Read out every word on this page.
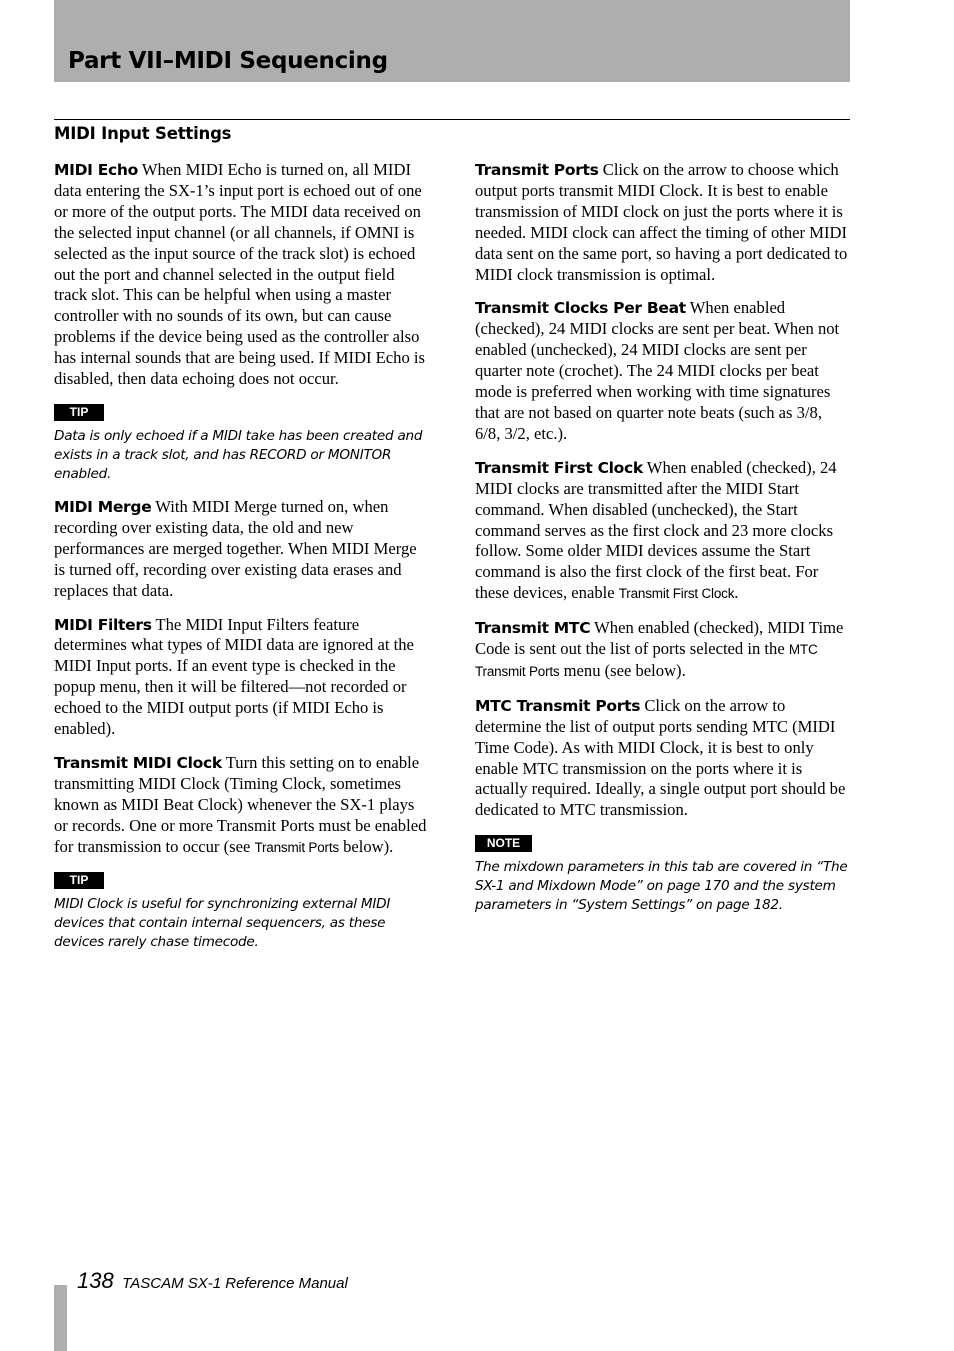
Part VII–MIDI Sequencing
MIDI Input Settings

MIDI Echo When MIDI Echo is turned on, all MIDI data entering the SX-1’s input port is echoed out of one or more of the output ports. The MIDI data received on the selected input channel (or all channels, if OMNI is selected as the input source of the track slot) is echoed out the port and channel selected in the output field track slot. This can be helpful when using a master controller with no sounds of its own, but can cause problems if the device being used as the controller also has internal sounds that are being used. If MIDI Echo is disabled, then data echoing does not occur.

TIP

Data is only echoed if a MIDI take has been created and exists in a track slot, and has RECORD or MONITOR enabled.

MIDI Merge With MIDI Merge turned on, when recording over existing data, the old and new performances are merged together. When MIDI Merge is turned off, recording over existing data erases and replaces that data.

MIDI Filters The MIDI Input Filters feature determines what types of MIDI data are ignored at the MIDI Input ports. If an event type is checked in the popup menu, then it will be filtered—not recorded or echoed to the MIDI output ports (if MIDI Echo is enabled).

Transmit MIDI Clock Turn this setting on to enable transmitting MIDI Clock (Timing Clock, sometimes known as MIDI Beat Clock) whenever the SX-1 plays or records. One or more Transmit Ports must be enabled for transmission to occur (see Transmit Ports below).

TIP

MIDI Clock is useful for synchronizing external MIDI devices that contain internal sequencers, as these devices rarely chase timecode.

Transmit Ports Click on the arrow to choose which output ports transmit MIDI Clock. It is best to enable transmission of MIDI clock on just the ports where it is needed. MIDI clock can affect the timing of other MIDI data sent on the same port, so having a port dedicated to MIDI clock transmission is optimal.

Transmit Clocks Per Beat When enabled (checked), 24 MIDI clocks are sent per beat. When not enabled (unchecked), 24 MIDI clocks are sent per quarter note (crochet). The 24 MIDI clocks per beat mode is preferred when working with time signatures that are not based on quarter note beats (such as 3/8, 6/8, 3/2, etc.).

Transmit First Clock When enabled (checked), 24 MIDI clocks are transmitted after the MIDI Start command. When disabled (unchecked), the Start command serves as the first clock and 23 more clocks follow. Some older MIDI devices assume the Start command is also the first clock of the first beat. For these devices, enable Transmit First Clock.

Transmit MTC When enabled (checked), MIDI Time Code is sent out the list of ports selected in the MTC Transmit Ports menu (see below).

MTC Transmit Ports Click on the arrow to determine the list of output ports sending MTC (MIDI Time Code). As with MIDI Clock, it is best to only enable MTC transmission on the ports where it is actually required. Ideally, a single output port should be dedicated to MTC transmission.

NOTE

The mixdown parameters in this tab are covered in “The SX-1 and Mixdown Mode” on page 170 and the system parameters in “System Settings” on page 182.

138 TASCAM SX-1 Reference Manual
